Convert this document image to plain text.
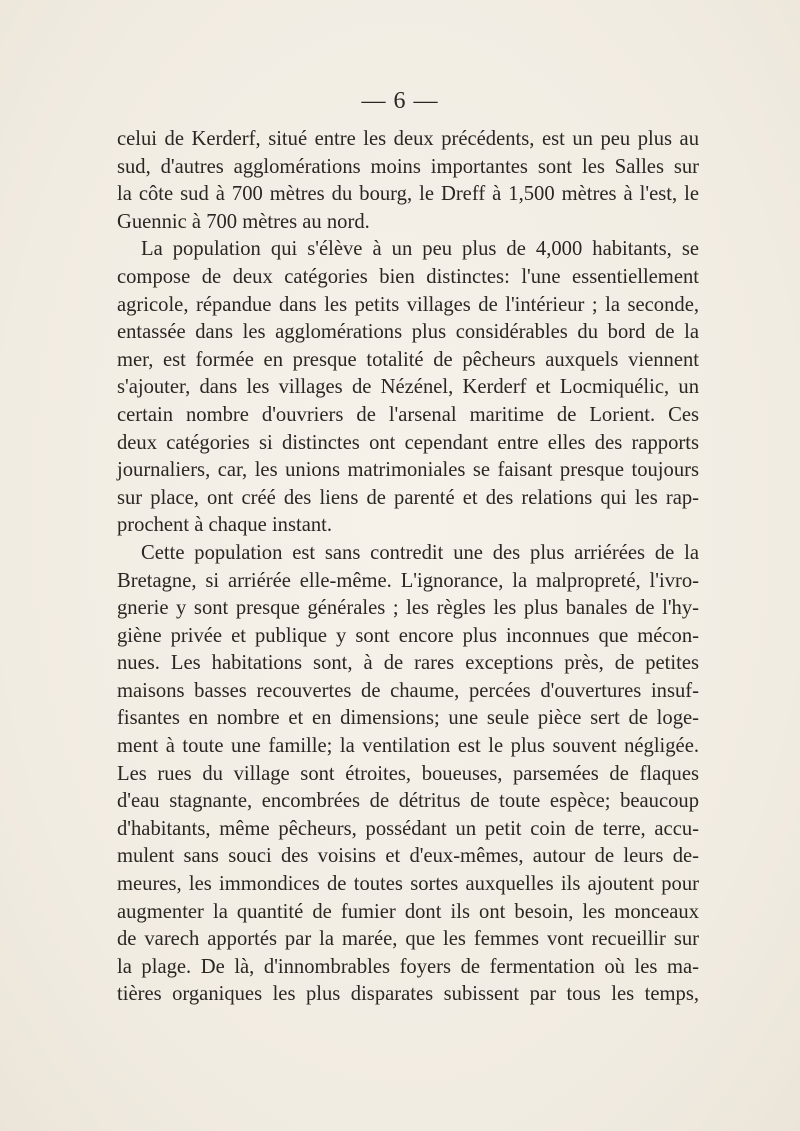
— 6 —
celui de Kerderf, situé entre les deux précédents, est un peu plus au
sud, d'autres agglomérations moins importantes sont les Salles sur
la côte sud à 700 mètres du bourg, le Dreff à 1,500 mètres à l'est, le
Guennic à 700 mètres au nord.
La population qui s'élève à un peu plus de 4,000 habitants, se
compose de deux catégories bien distinctes: l'une essentiellement
agricole, répandue dans les petits villages de l'intérieur ; la seconde,
entassée dans les agglomérations plus considérables du bord de la
mer, est formée en presque totalité de pêcheurs auxquels viennent
s'ajouter, dans les villages de Nézénel, Kerderf et Locmiquélic, un
certain nombre d'ouvriers de l'arsenal maritime de Lorient. Ces
deux catégories si distinctes ont cependant entre elles des rapports
journaliers, car, les unions matrimoniales se faisant presque toujours
sur place, ont créé des liens de parenté et des relations qui les rap-
prochent à chaque instant.
Cette population est sans contredit une des plus arriérées de la
Bretagne, si arriérée elle-même. L'ignorance, la malpropreté, l'ivro-
gnerie y sont presque générales ; les règles les plus banales de l'hy-
giène privée et publique y sont encore plus inconnues que mécon-
nues. Les habitations sont, à de rares exceptions près, de petites
maisons basses recouvertes de chaume, percées d'ouvertures insuf-
fisantes en nombre et en dimensions; une seule pièce sert de loge-
ment à toute une famille; la ventilation est le plus souvent négligée.
Les rues du village sont étroites, boueuses, parsemées de flaques
d'eau stagnante, encombrées de détritus de toute espèce; beaucoup
d'habitants, même pêcheurs, possédant un petit coin de terre, accu-
mulent sans souci des voisins et d'eux-mêmes, autour de leurs de-
meures, les immondices de toutes sortes auxquelles ils ajoutent pour
augmenter la quantité de fumier dont ils ont besoin, les monceaux
de varech apportés par la marée, que les femmes vont recueillir sur
la plage. De là, d'innombrables foyers de fermentation où les ma-
tières organiques les plus disparates subissent par tous les temps,
